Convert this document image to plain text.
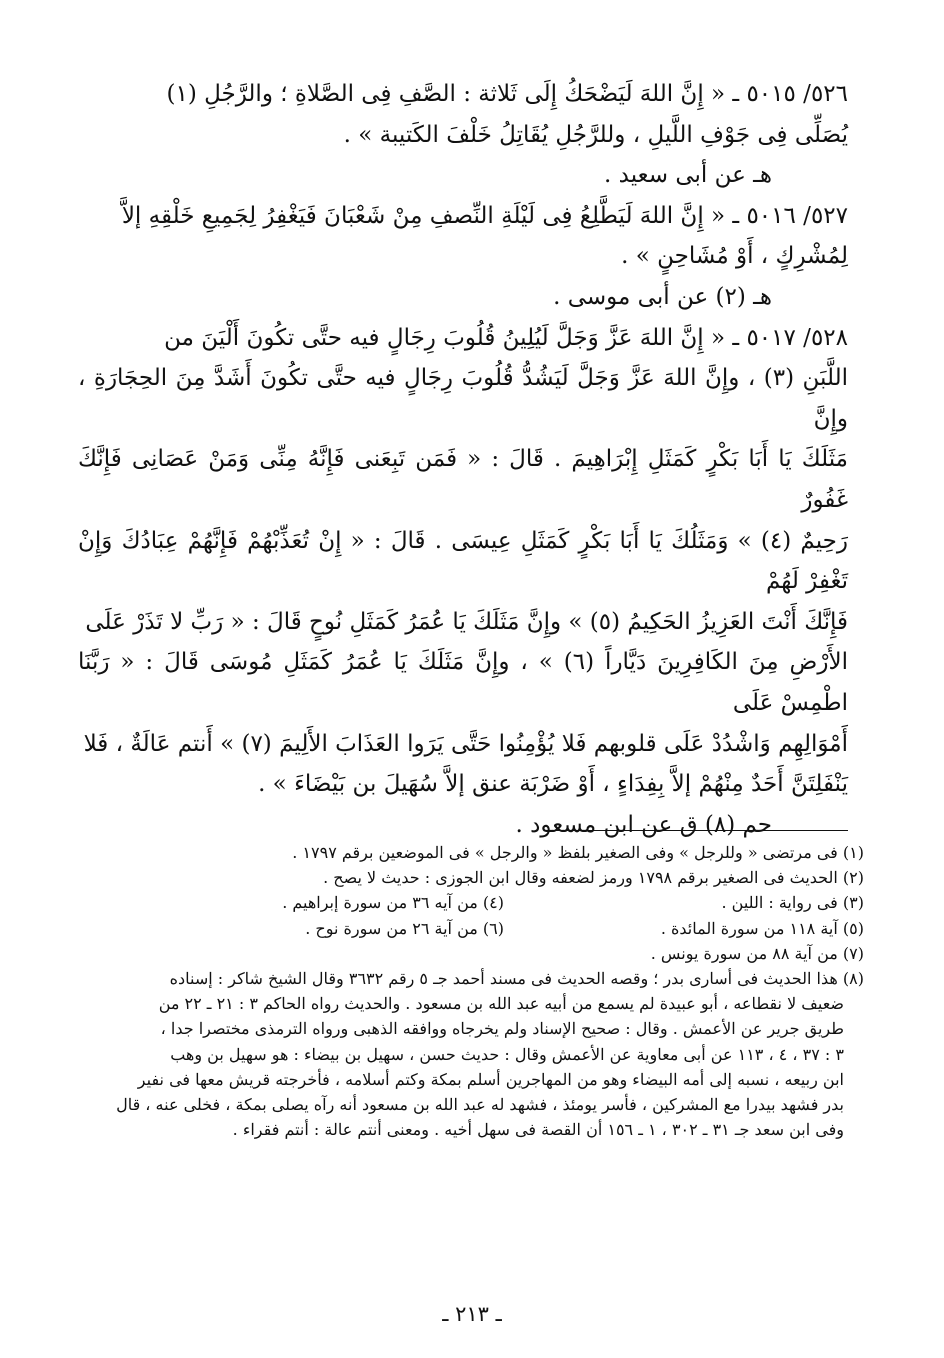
٥٢٦/ ٥٠١٥ ـ « إِنَّ اللهَ لَيَضْحَكُ إِلَى ثَلاثة : الصَّفِ فِى الصَّلاةِ ؛ والرَّجُلِ (١)

يُصَلِّى فِى جَوْفِ اللَّيلِ ، وللرَّجُلِ يُقَاتِلُ خَلْفَ الكَتيبة » .

هـ عن أبى سعيد .

٥٢٧/ ٥٠١٦ ـ « إِنَّ اللهَ لَيَطَّلِعُ فِى لَيْلَةِ النِّصفِ مِنْ شَعْبَانَ فَيَغْفِرُ لِجَمِيعِ خَلْقِهِ إلاَّ

لِمُشْرِكٍ ، أَوْ مُشَاحِنٍ » .

هـ (٢) عن أبى موسى .

٥٢٨/ ٥٠١٧ ـ « إِنَّ اللهَ عَزَّ وَجَلَّ لَيُلِينُ قُلُوبَ رِجَالٍ فيه حتَّى تكُونَ أَلْيَنَ من

اللَّبَنِ (٣) ، وإِنَّ اللهَ عَزَّ وَجَلَّ لَيَشُدُّ قُلُوبَ رِجَالٍ فيه حتَّى تكُونَ أَشَدَّ مِنَ الحِجَارَةِ ، وإِنَّ

مَثَلَكَ يَا أَبَا بَكْرٍ كَمَثَلِ إِبْرَاهِيمَ . قَالَ : « فَمَن تَبِعَنى فَإِنَّهُ مِنِّى وَمَنْ عَصَانِى فَإِنَّكَ غَفُورٌ

رَحِيمٌ (٤) » وَمَثَلُكَ يَا أَبَا بَكْرٍ كَمَثَلِ عِيسَى . قَالَ : « إِنْ تُعَذِّبْهُمْ فَإِنَّهُمْ عِبَادُكَ وَإِنْ تَغْفِرْ لَهُمْ

فَإِنَّكَ أَنْتَ العَزِيزُ الحَكِيمُ (٥) » وإِنَّ مَثَلَكَ يَا عُمَرُ كَمَثَلِ نُوحٍ قَالَ : « رَبِّ لا تَذَرْ عَلَى

الأَرْضِ مِنَ الكَافِرِينَ دَيَّاراً (٦) » ، وإِنَّ مَثَلَكَ يَا عُمَرُ كَمَثَلِ مُوسَى قَالَ : « رَبَّنَا اطْمِسْ عَلَى

أَمْوَالِهِم وَاشْدُدْ عَلَى قلوبهم فَلا يُؤْمِنُوا حَتَّى يَرَوا العَذَابَ الأَلِيمَ (٧) » أَنتم عَالَةٌ ، فَلا

يَنْفَلِتَنَّ أَحَدٌ مِنْهُمْ إلاَّ بِفِدَاءٍ ، أَوْ ضَرْبَة عنق إلاَّ سُهَيلَ بن بَيْضَاءَ » .

حم (٨) ق عن ابن مسعود .

(١) فى مرتضى « وللرجل » وفى الصغير بلفظ « والرجل » فى الموضعين برقم ١٧٩٧ .

(٢) الحديث فى الصغير برقم ١٧٩٨ ورمز لضعفه وقال ابن الجوزى : حديث لا يصح .

(٣) فى رواية : اللين .
(٤) من آيه ٣٦ من سورة إبراهيم .
(٥) آية ١١٨ من سورة المائدة .
(٦) من آية ٢٦ من سورة نوح .

(٧) من آية ٨٨ من سورة يونس .

(٨) هذا الحديث فى أسارى بدر ؛ وقصه الحديث فى مسند أحمد جـ ٥ رقم ٣٦٣٢ وقال الشيخ شاكر : إسناده

ضعيف لا نقطاعه ، أبو عبيدة لم يسمع من أبيه عبد الله بن مسعود . والحديث رواه الحاكم ٣ : ٢١ ـ ٢٢ من

طريق جرير عن الأعمش . وقال : صحيح الإسناد ولم يخرجاه ووافقه الذهبى ورواه الترمذى مختصرا جدا ،

٣ : ٣٧ ، ٤ ، ١١٣ عن أبى معاوية عن الأعمش وقال : حديث حسن ، سهيل بن بيضاء : هو سهيل بن وهب

ابن ربيعه ، نسبه إلى أمه البيضاء وهو من المهاجرين أسلم بمكة وكتم أسلامه ، فأخرجته قريش معها فى نفير

بدر فشهد بيدرا مع المشركين ، فأسر يومئذ ، فشهد له عبد الله بن مسعود أنه رآه يصلى بمكة ، فخلى عنه ، قال

وفى ابن سعد جـ ٣١ ـ ٣٠٢ ، ١ ـ ١٥٦ أن القصة فى سهل أخيه . ومعنى أنتم عالة : أنتم فقراء .

ـ ٢١٣ ـ
